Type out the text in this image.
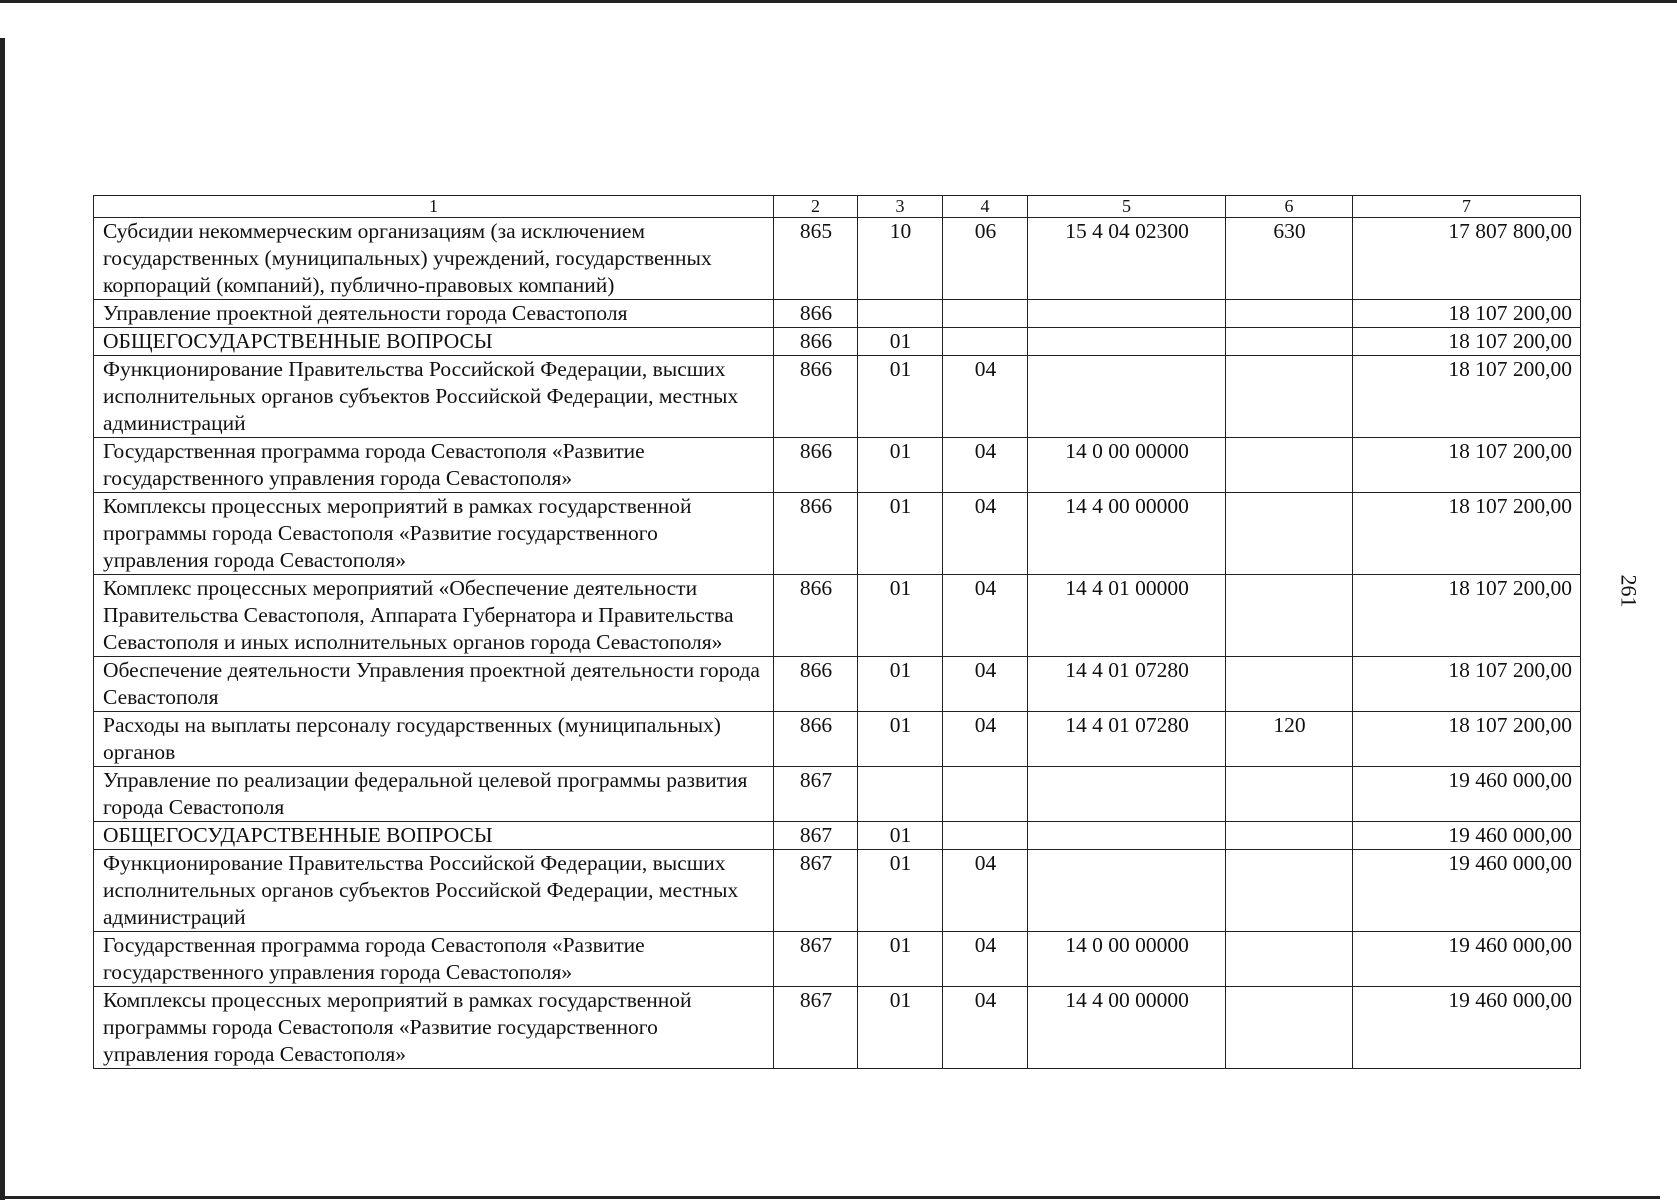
261
1	2	3	4	5	6	7
Субсидии некоммерческим организациям (за исключением государственных (муниципальных) учреждений, государственных корпораций (компаний), публично-правовых компаний)	865	10	06	15 4 04 02300	630	17 807 800,00
Управление проектной деятельности города Севастополя	866					18 107 200,00
ОБЩЕГОСУДАРСТВЕННЫЕ ВОПРОСЫ	866	01				18 107 200,00
Функционирование Правительства Российской Федерации, высших исполнительных органов субъектов Российской Федерации, местных администраций	866	01	04			18 107 200,00
Государственная программа города Севастополя «Развитие государственного управления города Севастополя»	866	01	04	14 0 00 00000		18 107 200,00
Комплексы процессных мероприятий в рамках государственной программы города Севастополя «Развитие государственного управления города Севастополя»	866	01	04	14 4 00 00000		18 107 200,00
Комплекс процессных мероприятий «Обеспечение деятельности Правительства Севастополя, Аппарата Губернатора и Правительства Севастополя и иных исполнительных органов города Севастополя»	866	01	04	14 4 01 00000		18 107 200,00
Обеспечение деятельности Управления проектной деятельности города Севастополя	866	01	04	14 4 01 07280		18 107 200,00
Расходы на выплаты персоналу государственных (муниципальных) органов	866	01	04	14 4 01 07280	120	18 107 200,00
Управление по реализации федеральной целевой программы развития города Севастополя	867					19 460 000,00
ОБЩЕГОСУДАРСТВЕННЫЕ ВОПРОСЫ	867	01				19 460 000,00
Функционирование Правительства Российской Федерации, высших исполнительных органов субъектов Российской Федерации, местных администраций	867	01	04			19 460 000,00
Государственная программа города Севастополя «Развитие государственного управления города Севастополя»	867	01	04	14 0 00 00000		19 460 000,00
Комплексы процессных мероприятий в рамках государственной программы города Севастополя «Развитие государственного управления города Севастополя»	867	01	04	14 4 00 00000		19 460 000,00
